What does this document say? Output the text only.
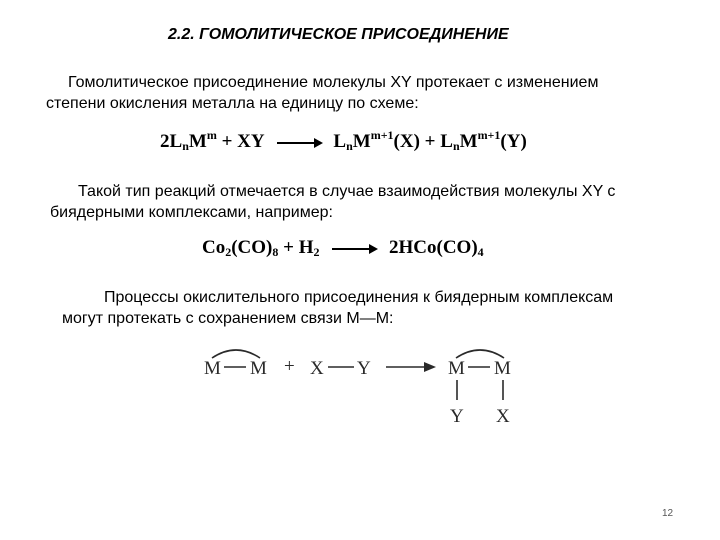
2.2. ГОМОЛИТИЧЕСКОЕ ПРИСОЕДИНЕНИЕ
Гомолитическое присоединение молекулы XY протекает с изменением
степени окисления металла на единицу по схеме:
$2L_nM^m$ + XY → $L_nM^{m+1}(X) + L_nM^{m+1}(Y)$
Такой тип реакций отмечается в случае взаимодействия молекулы XY с
биядерными комплексами, например:
$Co_2(CO)_8 + H_2 \to 2HCo(CO)_4$
Процессы окислительного присоединения к биядерным комплексам
могут протекать с сохранением связи M—M:
M M + X Y	M M
Y X
12
